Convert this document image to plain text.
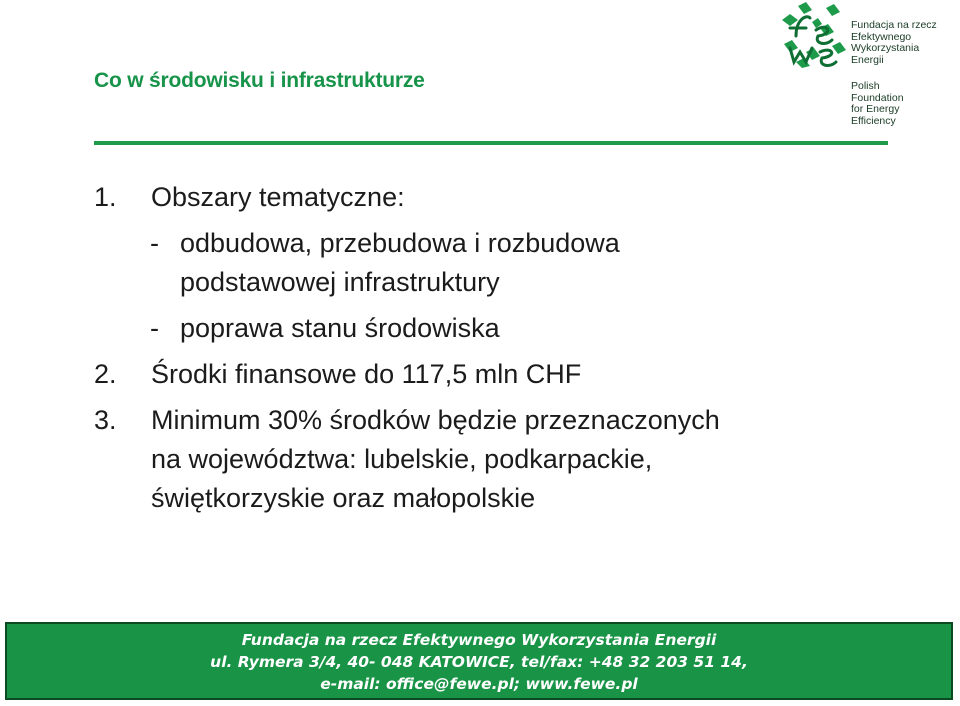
Co w środowisku i infrastrukturze
Fundacja na rzecz
Efektywnego
Wykorzystania
Energii
Polish
Foundation
for Energy
Efficiency
1. Obszary tematyczne:
- odbudowa, przebudowa i rozbudowa
podstawowej infrastruktury
- poprawa stanu środowiska
2. Środki finansowe do 117,5 mln CHF
3. Minimum 30% środków będzie przeznaczonych
na województwa: lubelskie, podkarpackie,
świętkorzyskie oraz małopolskie
Fundacja na rzecz Efektywnego Wykorzystania Energii
ul. Rymera 3/4, 40- 048 KATOWICE, tel/fax: +48 32 203 51 14,
e-mail: office@fewe.pl; www.fewe.pl
